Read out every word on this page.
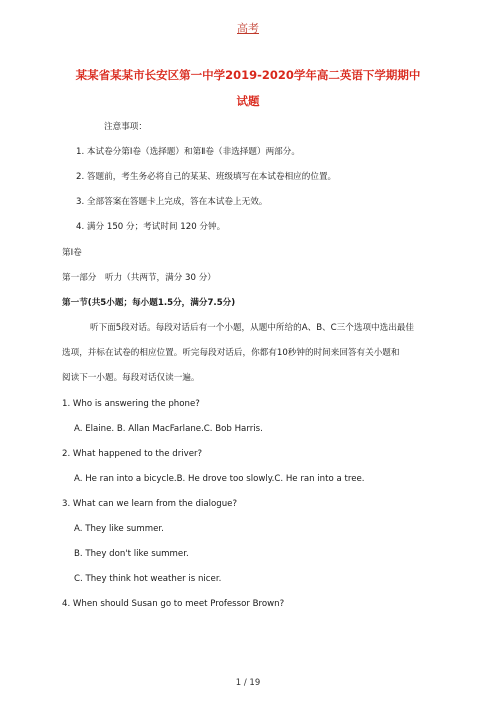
高考
某某省某某市长安区第一中学2019-2020学年高二英语下学期期中
试题
注意事项：
1. 本试卷分第Ⅰ卷（选择题）和第Ⅱ卷（非选择题）两部分。
2. 答题前，考生务必将自己的某某、班级填写在本试卷相应的位置。
3. 全部答案在答题卡上完成，答在本试卷上无效。
4. 满分 150 分；考试时间 120 分钟。
第Ⅰ卷
第一部分　听力（共两节，满分 30 分）
第一节(共5小题；每小题1.5分，满分7.5分)
听下面5段对话。每段对话后有一个小题，从题中所给的A、B、C三个选项中选出最佳
选项，并标在试卷的相应位置。听完每段对话后，你都有10秒钟的时间来回答有关小题和
阅读下一小题。每段对话仅读一遍。
1. Who is answering the phone?
A. Elaine. B. Allan MacFarlane.C. Bob Harris.
2. What happened to the driver?
A. He ran into a bicycle.B. He drove too slowly.C. He ran into a tree.
3. What can we learn from the dialogue?
A. They like summer.
B. They don't like summer.
C. They think hot weather is nicer.
4. When should Susan go to meet Professor Brown?
1 / 19
